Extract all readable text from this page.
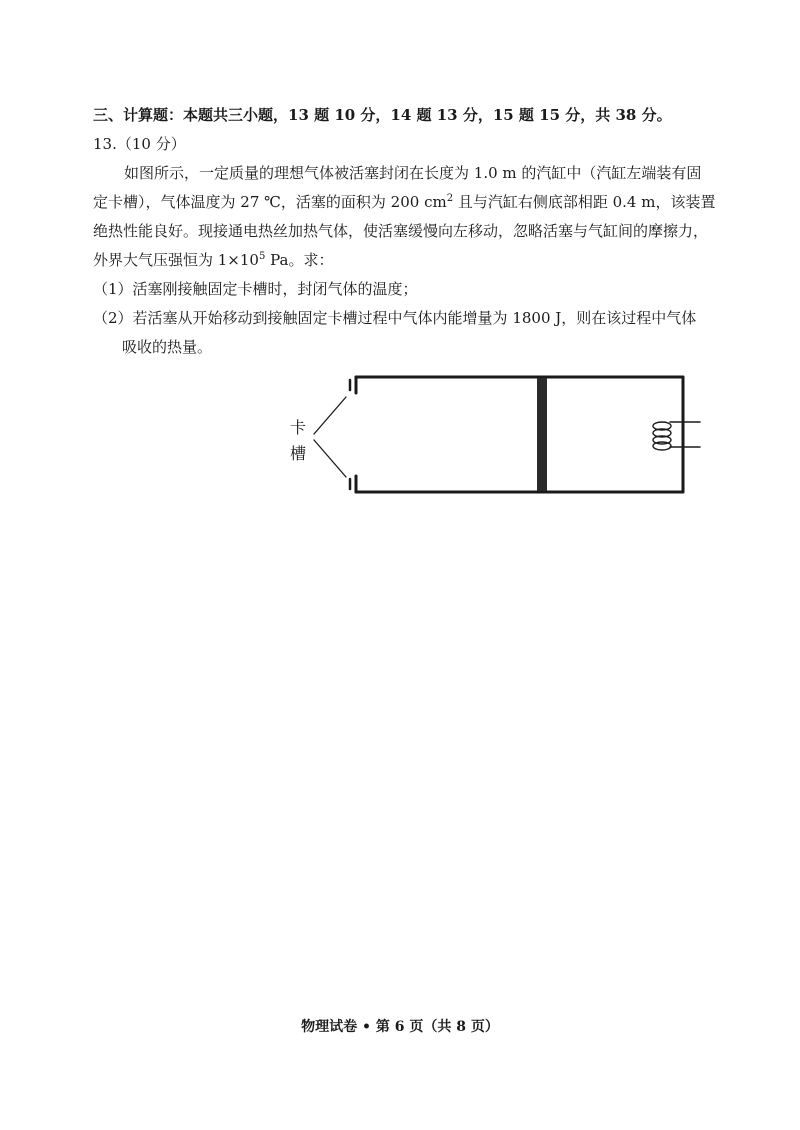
三、计算题：本题共三小题，13 题 10 分，14 题 13 分，15 题 15 分，共 38 分。
13.（10 分）
如图所示，一定质量的理想气体被活塞封闭在长度为 1.0 m 的汽缸中（汽缸左端装有固
定卡槽），气体温度为 27 ℃，活塞的面积为 200 $cm^2$ 且与汽缸右侧底部相距 0.4 m，该装置
绝热性能良好。现接通电热丝加热气体，使活塞缓慢向左移动，忽略活塞与气缸间的摩擦力，
外界大气压强恒为 $1\times 10^5$ Pa。求：
（1）活塞刚接触固定卡槽时，封闭气体的温度；
（2）若活塞从开始移动到接触固定卡槽过程中气体内能增量为 1800 J，则在该过程中气体
吸收的热量。
卡
槽
物理试卷 • 第 6 页（共 8 页）
